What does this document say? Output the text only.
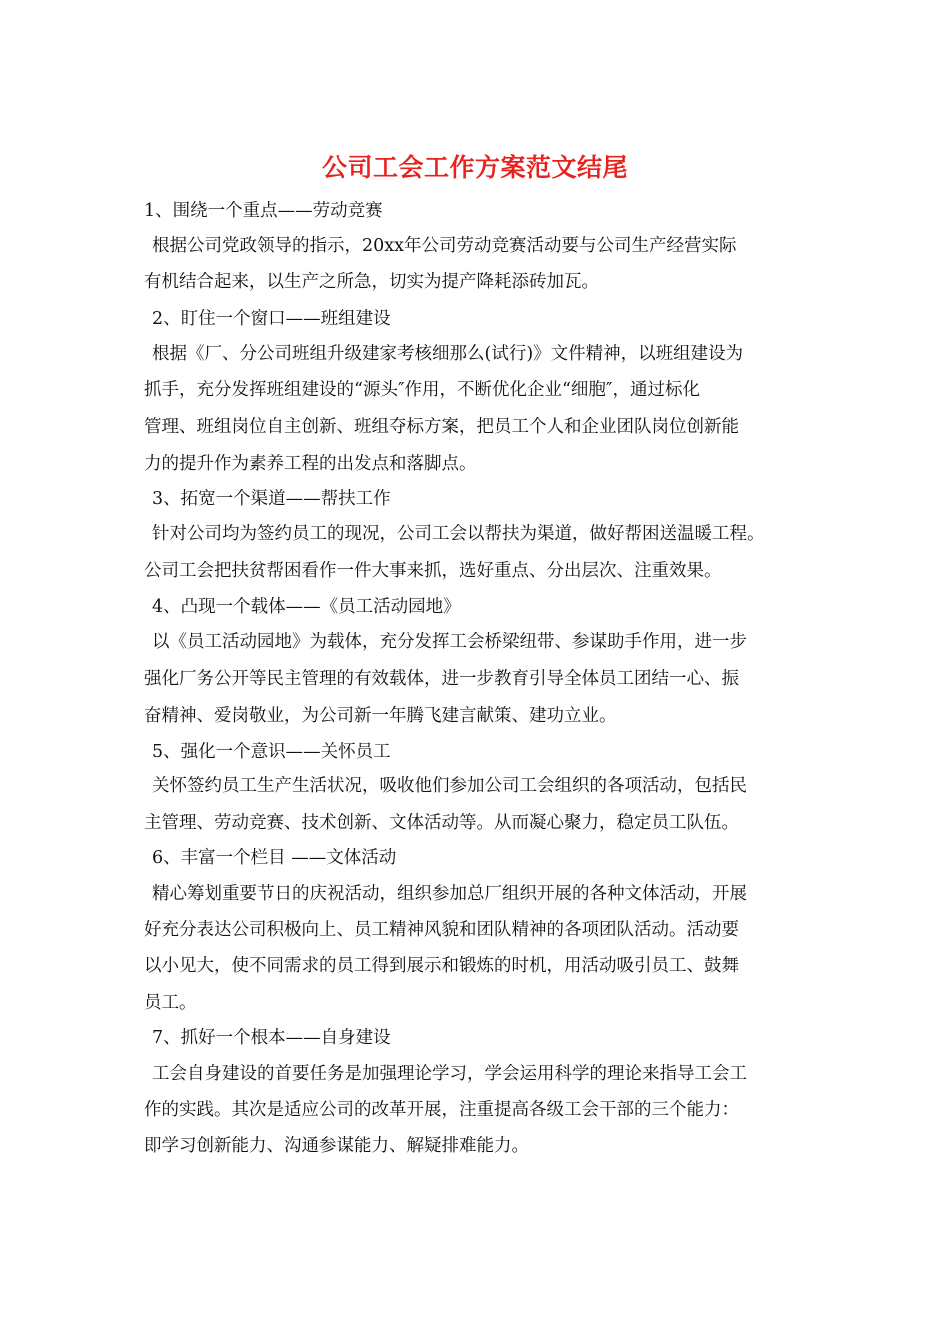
公司工会工作方案范文结尾

1、围绕一个重点——劳动竞赛

根据公司党政领导的指示，20xx年公司劳动竞赛活动要与公司生产经营实际

有机结合起来，以生产之所急，切实为提产降耗添砖加瓦。

2、盯住一个窗口——班组建设

根据《厂、分公司班组升级建家考核细那么(试行)》文件精神，以班组建设为

抓手，充分发挥班组建设的“源头″作用，不断优化企业“细胞″，通过标化

管理、班组岗位自主创新、班组夺标方案，把员工个人和企业团队岗位创新能

力的提升作为素养工程的出发点和落脚点。

3、拓宽一个渠道——帮扶工作

针对公司均为签约员工的现况，公司工会以帮扶为渠道，做好帮困送温暖工程。

公司工会把扶贫帮困看作一件大事来抓，选好重点、分出层次、注重效果。

4、凸现一个载体——《员工活动园地》

以《员工活动园地》为载体，充分发挥工会桥梁纽带、参谋助手作用，进一步

强化厂务公开等民主管理的有效载体，进一步教育引导全体员工团结一心、振

奋精神、爱岗敬业，为公司新一年腾飞建言献策、建功立业。

5、强化一个意识——关怀员工

关怀签约员工生产生活状况，吸收他们参加公司工会组织的各项活动，包括民

主管理、劳动竞赛、技术创新、文体活动等。从而凝心聚力，稳定员工队伍。

6、丰富一个栏目 ——文体活动

精心筹划重要节日的庆祝活动，组织参加总厂组织开展的各种文体活动，开展

好充分表达公司积极向上、员工精神风貌和团队精神的各项团队活动。活动要

以小见大，使不同需求的员工得到展示和锻炼的时机，用活动吸引员工、鼓舞

员工。

7、抓好一个根本——自身建设

工会自身建设的首要任务是加强理论学习，学会运用科学的理论来指导工会工

作的实践。其次是适应公司的改革开展，注重提高各级工会干部的三个能力：

即学习创新能力、沟通参谋能力、解疑排难能力。
